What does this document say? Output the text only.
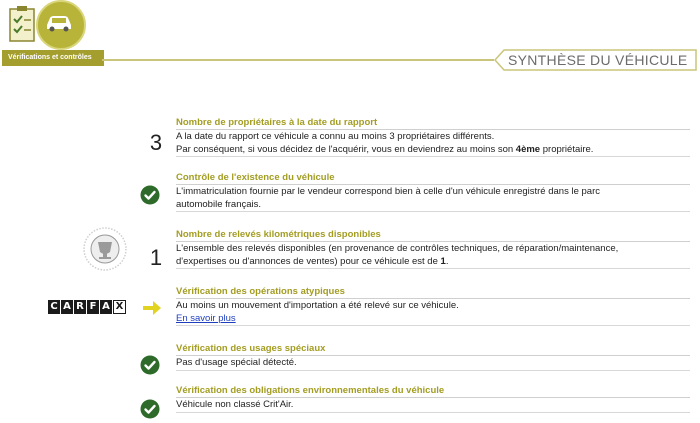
Vérifications et contrôles	SYNTHÈSE DU VÉHICULE
3
Nombre de propriétaires à la date du rapport

A la date du rapport ce véhicule a connu au moins 3 propriétaires différents.

Par conséquent, si vous décidez de l'acquérir, vous en deviendrez au moins son 4ème propriétaire.

Contrôle de l'existence du véhicule

L'immatriculation fournie par le vendeur correspond bien à celle d'un véhicule enregistré dans le parc

automobile français.

1
Nombre de relevés kilométriques disponibles

L'ensemble des relevés disponibles (en provenance de contrôles techniques, de réparation/maintenance,

d'expertises ou d'annonces de ventes) pour ce véhicule est de 1.

C A R F A X
Vérification des opérations atypiques

Au moins un mouvement d'importation a été relevé sur ce véhicule.

En savoir plus

Vérification des usages spéciaux

Pas d'usage spécial détecté.

Vérification des obligations environnementales du véhicule

Véhicule non classé Crit'Air.
